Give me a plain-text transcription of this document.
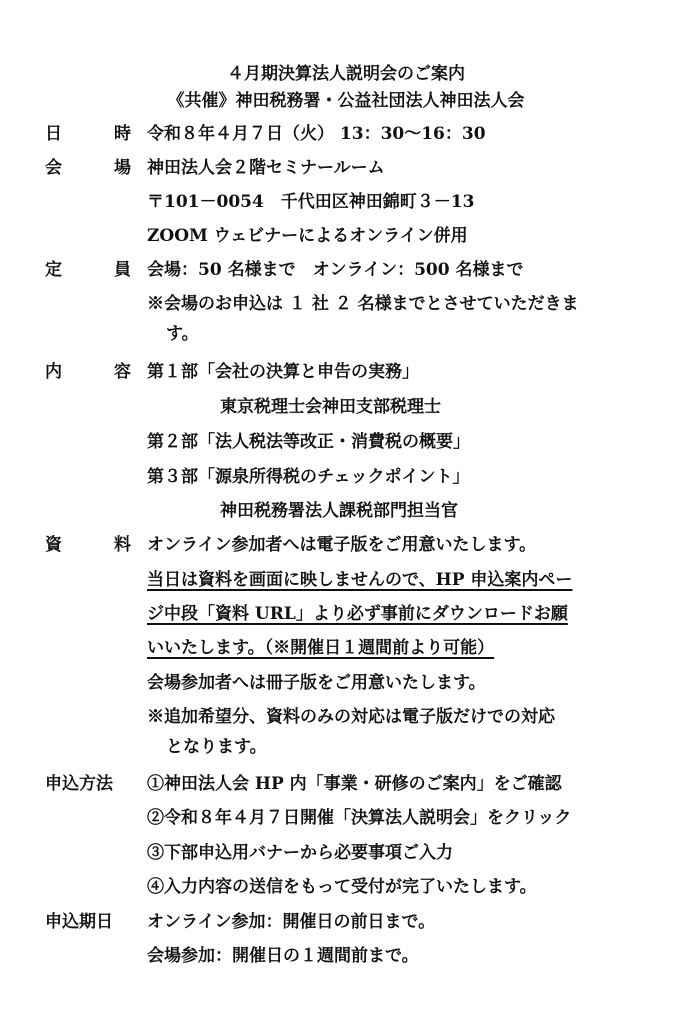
４月期決算法人説明会のご案内
《共催》神田税務署・公益社団法人神田法人会
日	時 令和８年４月７日（火） 13：30～16：30
会	場 神田法人会２階セミナールーム
〒101－0054　千代田区神田錦町３－13
ZOOM ウェビナーによるオンライン併用
定	員 会場：50 名様まで　オンライン：500 名様まで
※会場のお申込は １ 社 ２ 名様までとさせていただきま
す。
内	容 第１部「会社の決算と申告の実務」
東京税理士会神田支部税理士
第２部「法人税法等改正・消費税の概要」
第３部「源泉所得税のチェックポイント」
神田税務署法人課税部門担当官
資	料 オンライン参加者へは電子版をご用意いたします。
当日は資料を画面に映しませんので、HP 申込案内ペー
ジ中段「資料 URL」より必ず事前にダウンロードお願
いいたします。（※開催日１週間前より可能）
会場参加者へは冊子版をご用意いたします。
※追加希望分、資料のみの対応は電子版だけでの対応
となります。
申込方法	①神田法人会 HP 内「事業・研修のご案内」をご確認
②令和８年４月７日開催「決算法人説明会」をクリック
③下部申込用バナーから必要事項ご入力
④入力内容の送信をもって受付が完了いたします。
申込期日	オンライン参加：開催日の前日まで。
会場参加：開催日の１週間前まで。
